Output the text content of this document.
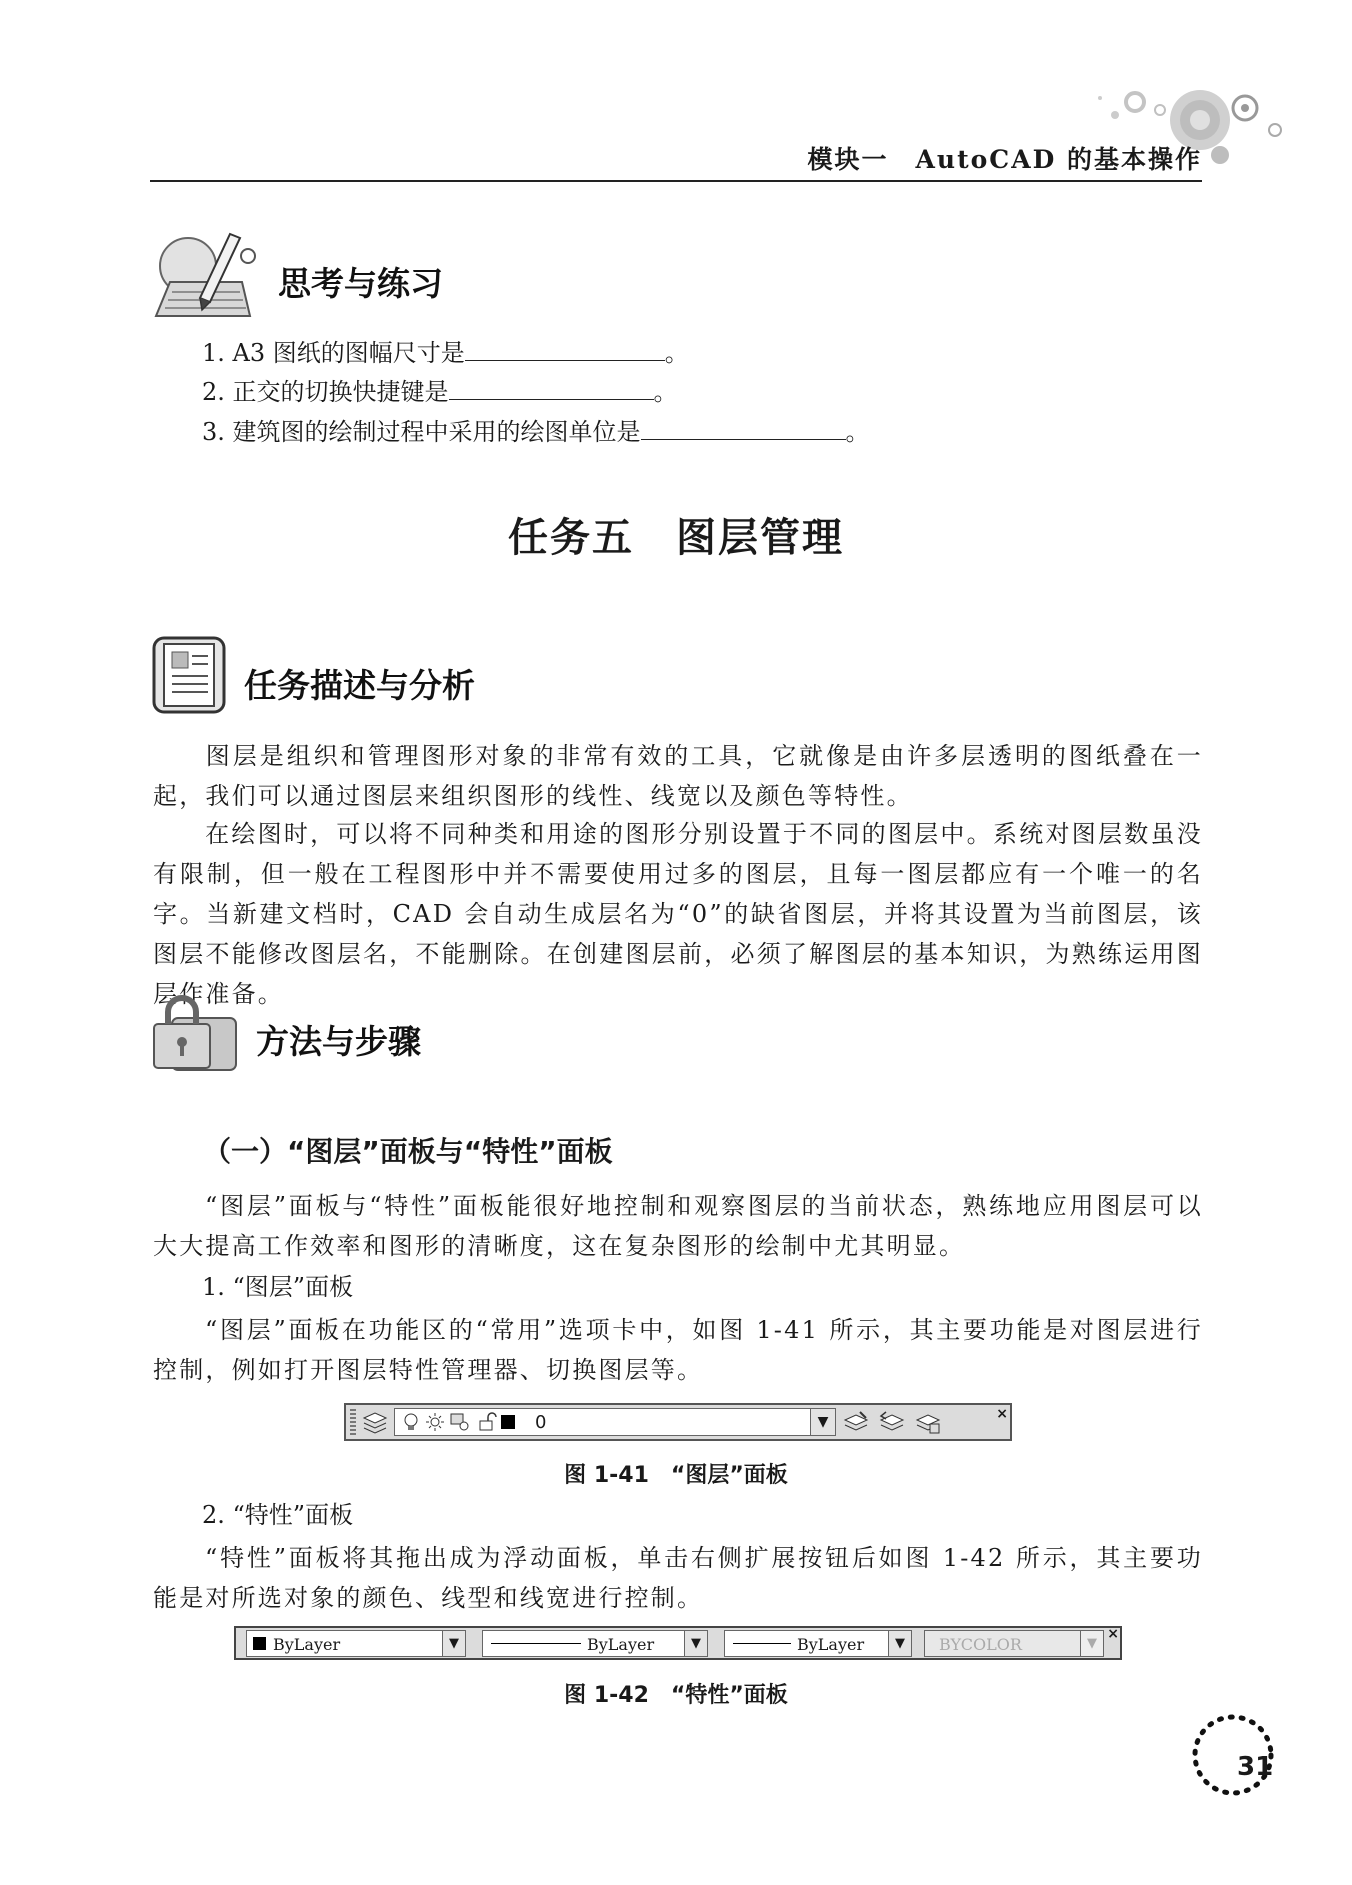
模块一　AutoCAD 的基本操作
思考与练习
1. A3 图纸的图幅尺寸是	。
2. 正交的切换快捷键是	。
3. 建筑图的绘制过程中采用的绘图单位是	。
任务五　图层管理
任务描述与分析
图层是组织和管理图形对象的非常有效的工具，它就像是由许多层透明的图纸叠在一起，我们可以通过图层来组织图形的线性、线宽以及颜色等特性。
在绘图时，可以将不同种类和用途的图形分别设置于不同的图层中。系统对图层数虽没有限制，但一般在工程图形中并不需要使用过多的图层，且每一图层都应有一个唯一的名字。当新建文档时，CAD 会自动生成层名为“0”的缺省图层，并将其设置为当前图层，该图层不能修改图层名，不能删除。在创建图层前，必须了解图层的基本知识，为熟练运用图层作准备。
方法与步骤
（一）“图层”面板与“特性”面板
“图层”面板与“特性”面板能很好地控制和观察图层的当前状态，熟练地应用图层可以大大提高工作效率和图形的清晰度，这在复杂图形的绘制中尤其明显。
1. “图层”面板
“图层”面板在功能区的“常用”选项卡中，如图 1-41 所示，其主要功能是对图层进行控制，例如打开图层特性管理器、切换图层等。
0	▼	×
图 1-41　“图层”面板
2. “特性”面板
“特性”面板将其拖出成为浮动面板，单击右侧扩展按钮后如图 1-42 所示，其主要功能是对所选对象的颜色、线型和线宽进行控制。
ByLayer	▼	ByLayer	▼	ByLayer	▼	BYCOLOR	▼
×
图 1-42　“特性”面板
31
